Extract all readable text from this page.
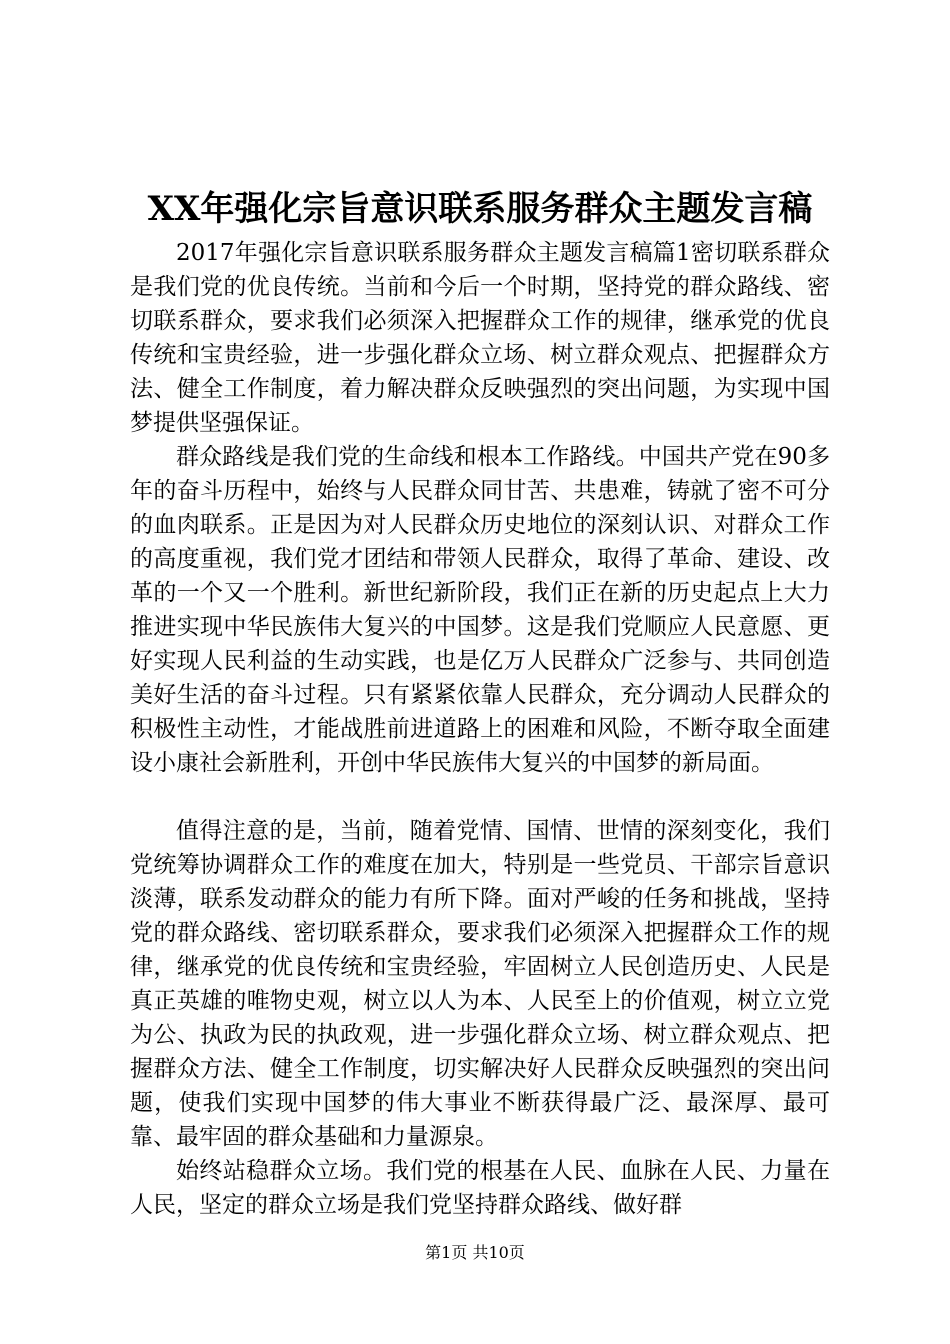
XX年强化宗旨意识联系服务群众主题发言稿

2017年强化宗旨意识联系服务群众主题发言稿篇1密切联系群众是我们党的优良传统。当前和今后一个时期，坚持党的群众路线、密切联系群众，要求我们必须深入把握群众工作的规律，继承党的优良传统和宝贵经验，进一步强化群众立场、树立群众观点、把握群众方法、健全工作制度，着力解决群众反映强烈的突出问题，为实现中国梦提供坚强保证。

群众路线是我们党的生命线和根本工作路线。中国共产党在90多年的奋斗历程中，始终与人民群众同甘苦、共患难，铸就了密不可分的血肉联系。正是因为对人民群众历史地位的深刻认识、对群众工作的高度重视，我们党才团结和带领人民群众，取得了革命、建设、改革的一个又一个胜利。新世纪新阶段，我们正在新的历史起点上大力推进实现中华民族伟大复兴的中国梦。这是我们党顺应人民意愿、更好实现人民利益的生动实践，也是亿万人民群众广泛参与、共同创造美好生活的奋斗过程。只有紧紧依靠人民群众，充分调动人民群众的积极性主动性，才能战胜前进道路上的困难和风险，不断夺取全面建设小康社会新胜利，开创中华民族伟大复兴的中国梦的新局面。

值得注意的是，当前，随着党情、国情、世情的深刻变化，我们党统筹协调群众工作的难度在加大，特别是一些党员、干部宗旨意识淡薄，联系发动群众的能力有所下降。面对严峻的任务和挑战，坚持党的群众路线、密切联系群众，要求我们必须深入把握群众工作的规律，继承党的优良传统和宝贵经验，牢固树立人民创造历史、人民是真正英雄的唯物史观，树立以人为本、人民至上的价值观，树立立党为公、执政为民的执政观，进一步强化群众立场、树立群众观点、把握群众方法、健全工作制度，切实解决好人民群众反映强烈的突出问题，使我们实现中国梦的伟大事业不断获得最广泛、最深厚、最可靠、最牢固的群众基础和力量源泉。

始终站稳群众立场。我们党的根基在人民、血脉在人民、力量在人民，坚定的群众立场是我们党坚持群众路线、做好群

第1页 共10页
